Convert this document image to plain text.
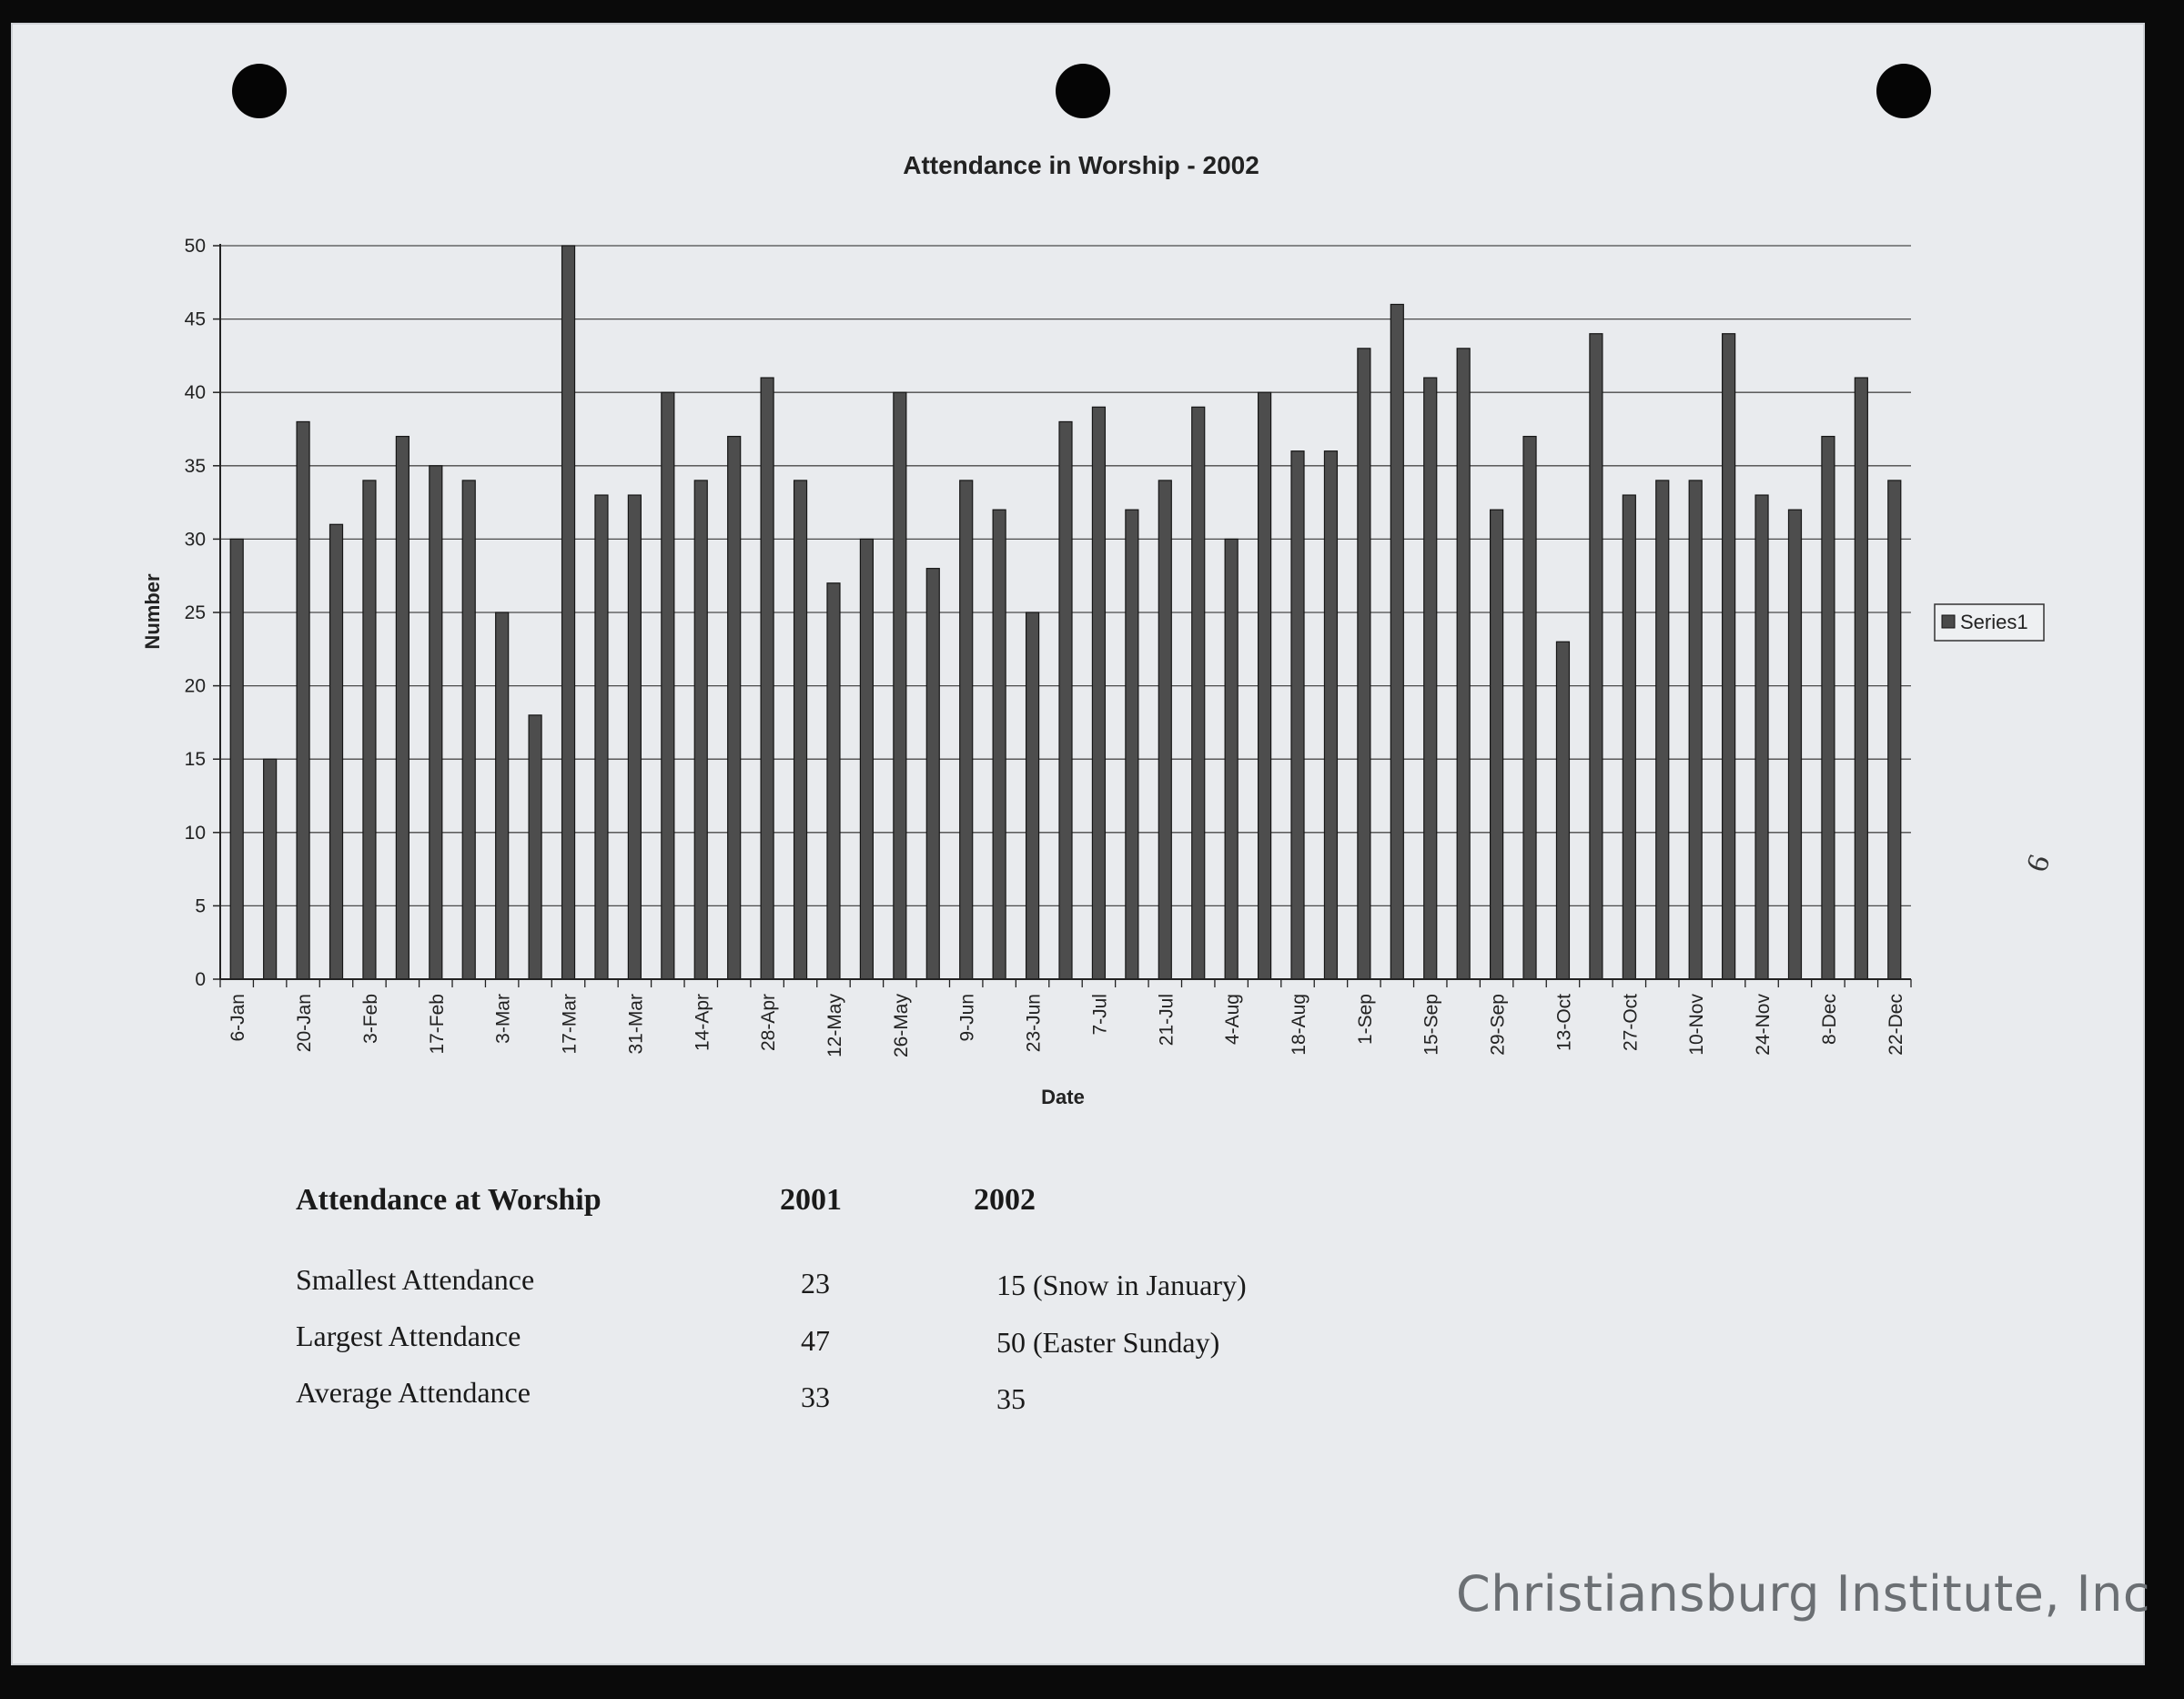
Attendance in Worship - 2002
Number
Date
0
5
10
15
20
25
30
35
40
45
50
6-Jan 20-Jan 3-Feb 17-Feb 3-Mar 17-Mar 31-Mar 14-Apr 28-Apr 12-May 26-May 9-Jun 23-Jun 7-Jul 21-Jul 4-Aug 18-Aug 1-Sep 15-Sep 29-Sep 13-Oct 27-Oct 10-Nov 24-Nov 8-Dec 22-Dec
Series1
Attendance at Worship	2001	2002
Smallest Attendance	23	15 (Snow in January)
Largest Attendance	47	50 (Easter Sunday)
Average Attendance	33	35
6
Christiansburg Institute, Inc
